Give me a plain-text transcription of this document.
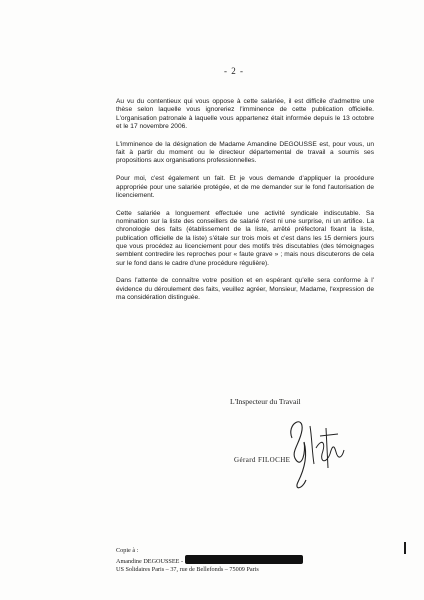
- 2 -

Au vu du contentieux qui vous oppose à cette salariée, il est difficile d'admettre une thèse selon laquelle vous ignoreriez l'imminence de cette publication officielle. L'organisation patronale à laquelle vous appartenez était informée depuis le 13 octobre et le 17 novembre 2006.

L'imminence de la désignation de Madame Amandine DEGOUSSE est, pour vous, un fait à partir du moment ou le directeur départemental de travail a soumis ses propositions aux organisations professionnelles.

Pour moi, c'est également un fait. Et je vous demande d'appliquer la procédure appropriée pour une salariée protégée, et de me demander sur le fond l'autorisation de licenciement.

Cette salariée a longuement effectuée une activité syndicale indiscutable. Sa nomination sur la liste des conseillers de salarié n'est ni une surprise, ni un artifice. La chronologie des faits (établissement de la liste, arrêté préfectoral fixant la liste, publication officielle de la liste) s'étale sur trois mois et c'est dans les 15 derniers jours que vous procédez au licenciement pour des motifs très discutables (des témoignages semblent contredire les reproches pour « faute grave » ; mais nous discuterons de cela sur le fond dans le cadre d'une procédure régulière).

Dans l'attente de connaître votre position et en espérant qu'elle sera conforme à l' évidence du déroulement des faits, veuillez agréer, Monsieur, Madame, l'expression de ma considération distinguée.

L'Inspecteur du Travail
Gérard FILOCHE
Copie à :
Amandine DEGOUSSEE -
US Solidaires Paris – 37, rue de Bellefonds – 75009 Paris
